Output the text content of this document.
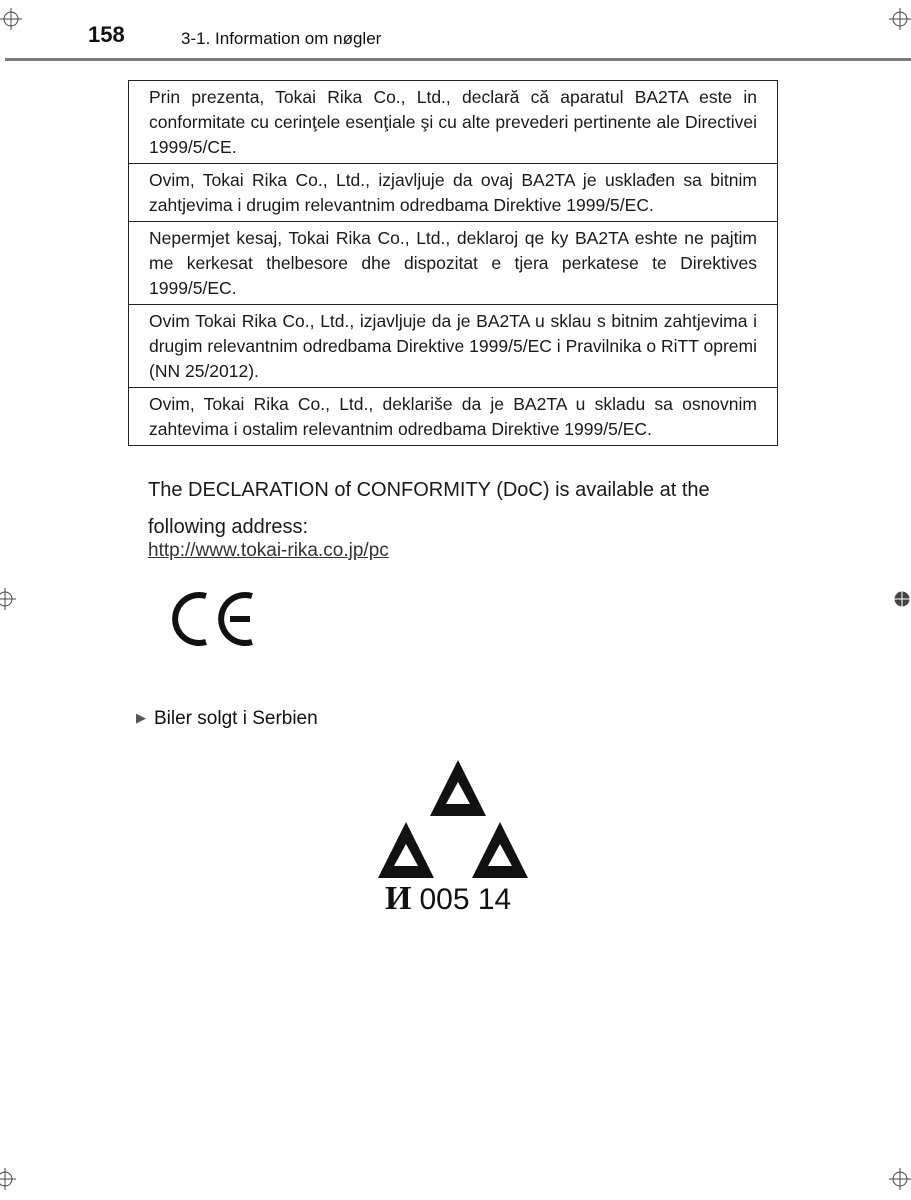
158	3-1. Information om nøgler
Prin prezenta, Tokai Rika Co., Ltd., declară că aparatul BA2TA este in conformitate cu cerinţele esenţiale şi cu alte prevederi pertinente ale Directivei 1999/5/CE.
Ovim, Tokai Rika Co., Ltd., izjavljuje da ovaj BA2TA je usklađen sa bitnim zahtjevima i drugim relevantnim odredbama Direktive 1999/5/EC.
Nepermjet kesaj, Tokai Rika Co., Ltd., deklaroj qe ky BA2TA eshte ne pajtim me kerkesat thelbesore dhe dispozitat e tjera perkatese te Direktives 1999/5/EC.
Ovim Tokai Rika Co., Ltd., izjavljuje da je BA2TA u sklau s bitnim zahtjevima i drugim relevantnim odredbama Direktive 1999/5/EC i Pravilnika o RiTT opremi (NN 25/2012).
Ovim, Tokai Rika Co., Ltd., deklariše da je BA2TA u skladu sa osnovnim zahtevima i ostalim relevantnim odredbama Direktive 1999/5/EC.

The DECLARATION of CONFORMITY (DoC) is available at the following address:

http://www.tokai-rika.co.jp/pc
▶ Biler solgt i Serbien
И 005 14
